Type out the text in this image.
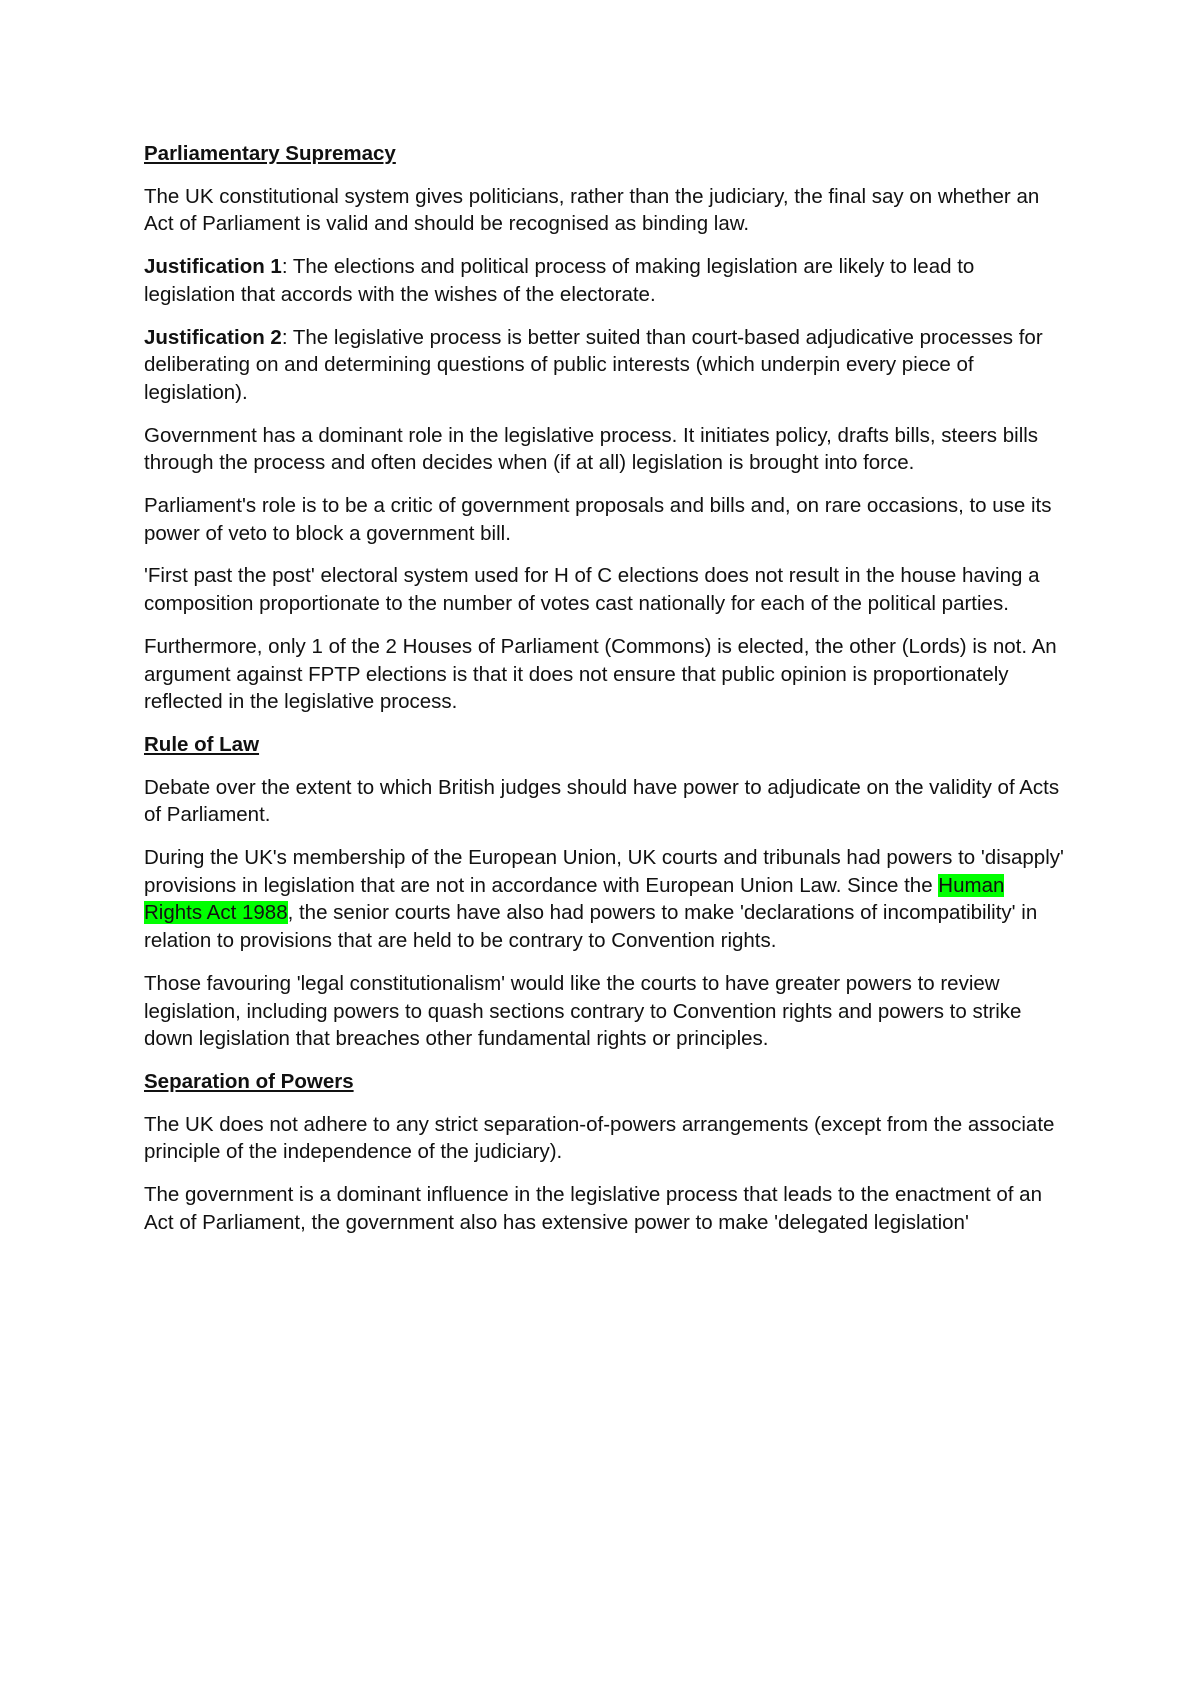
Parliamentary Supremacy

The UK constitutional system gives politicians, rather than the judiciary, the final say on whether an Act of Parliament is valid and should be recognised as binding law.

Justification 1: The elections and political process of making legislation are likely to lead to legislation that accords with the wishes of the electorate.

Justification 2: The legislative process is better suited than court-based adjudicative processes for deliberating on and determining questions of public interests (which underpin every piece of legislation).

Government has a dominant role in the legislative process. It initiates policy, drafts bills, steers bills through the process and often decides when (if at all) legislation is brought into force.

Parliament's role is to be a critic of government proposals and bills and, on rare occasions, to use its power of veto to block a government bill.

'First past the post' electoral system used for H of C elections does not result in the house having a composition proportionate to the number of votes cast nationally for each of the political parties.

Furthermore, only 1 of the 2 Houses of Parliament (Commons) is elected, the other (Lords) is not. An argument against FPTP elections is that it does not ensure that public opinion is proportionately reflected in the legislative process.

Rule of Law

Debate over the extent to which British judges should have power to adjudicate on the validity of Acts of Parliament.

During the UK's membership of the European Union, UK courts and tribunals had powers to 'disapply' provisions in legislation that are not in accordance with European Union Law. Since the Human Rights Act 1988, the senior courts have also had powers to make 'declarations of incompatibility' in relation to provisions that are held to be contrary to Convention rights.

Those favouring 'legal constitutionalism' would like the courts to have greater powers to review legislation, including powers to quash sections contrary to Convention rights and powers to strike down legislation that breaches other fundamental rights or principles.

Separation of Powers

The UK does not adhere to any strict separation-of-powers arrangements (except from the associate principle of the independence of the judiciary).

The government is a dominant influence in the legislative process that leads to the enactment of an Act of Parliament, the government also has extensive power to make 'delegated legislation'
